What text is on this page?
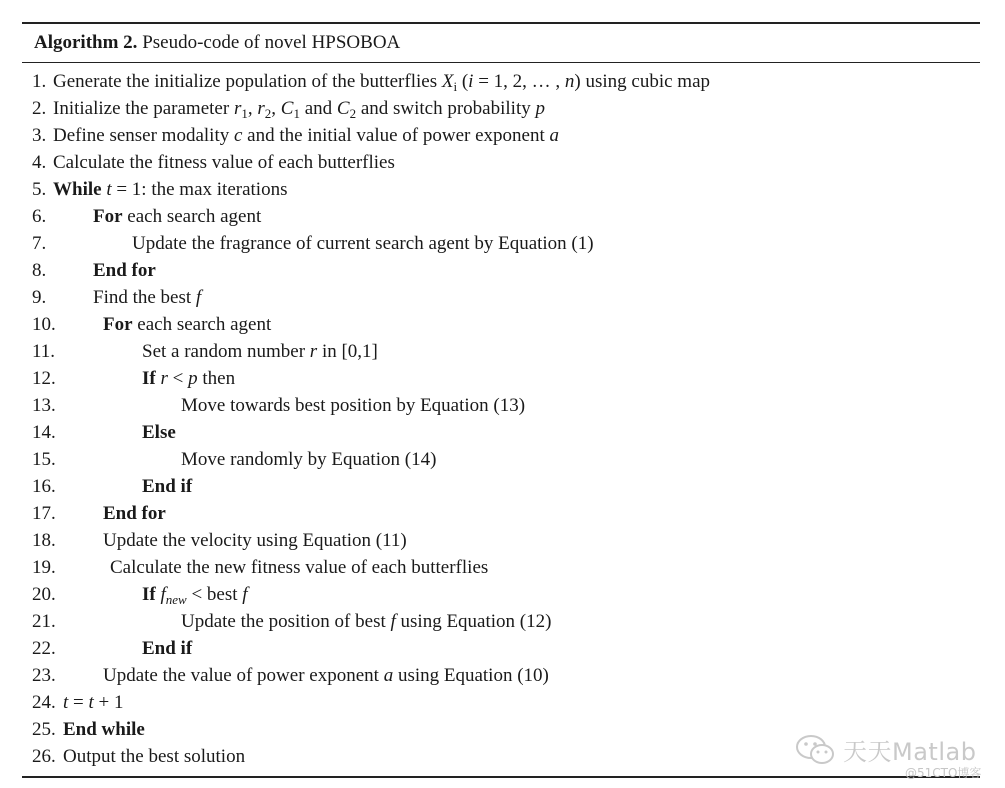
Algorithm 2. Pseudo-code of novel HPSOBOA
1. Generate the initialize population of the butterflies $X_i$ (i = 1, 2, … , n) using cubic map
2. Initialize the parameter $r_1$, $r_2$, $C_1$ and $C_2$ and switch probability p
3. Define senser modality c and the initial value of power exponent a
4. Calculate the fitness value of each butterflies
5. While t = 1: the max iterations
6. For each search agent
7.	Update the fragrance of current search agent by Equation (1)
8. End for
9. Find the best f
10. For each search agent
11.	Set a random number r in [0,1]
12.	If r < p then
13.	Move towards best position by Equation (13)
14.	Else
15.	Move randomly by Equation (14)
16.	End if
17. End for
18. Update the velocity using Equation (11)
19.	Calculate the new fitness value of each butterflies
20.	If $f_{new}$ < best f
21.	Update the position of best f using Equation (12)
22.	End if
23. Update the value of power exponent a using Equation (10)
24. t = t + 1
25. End while
26. Output the best solution	天天Matlab
@51CTO博客
